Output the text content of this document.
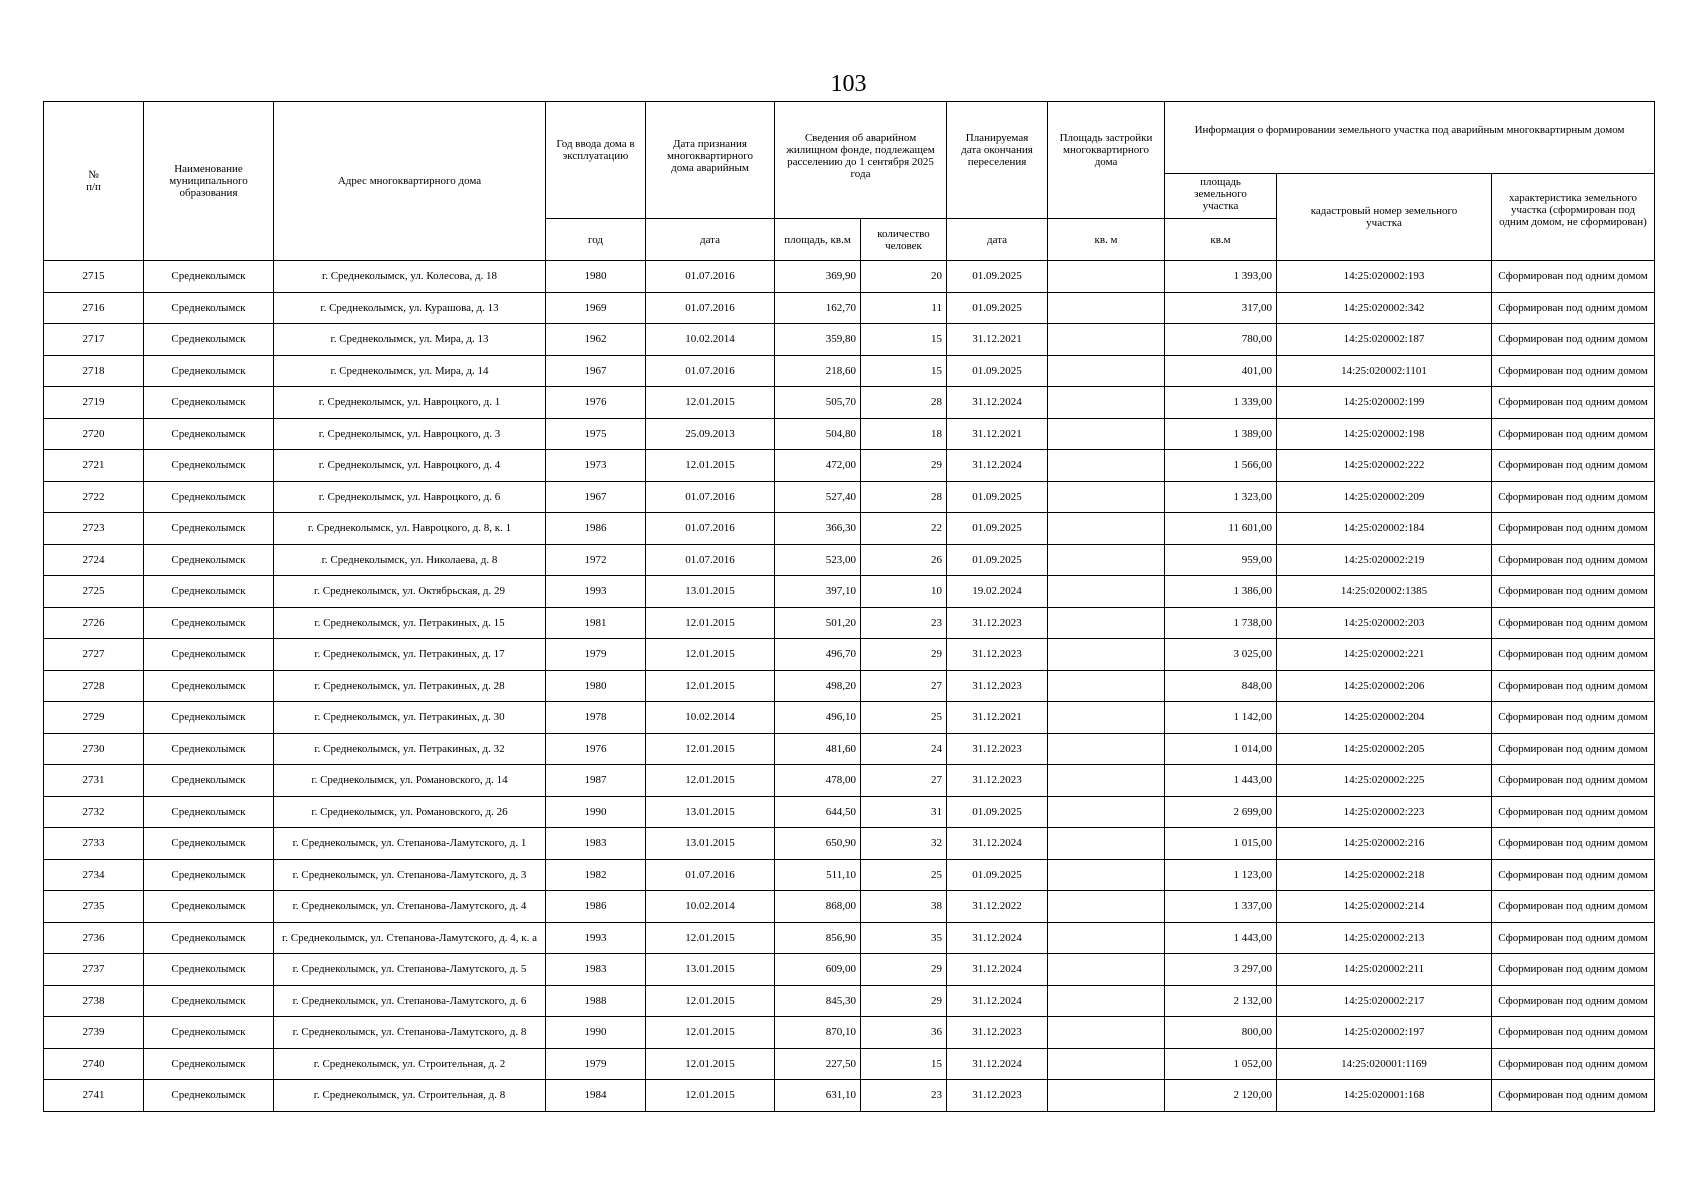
103
№
п/п	Наименование муниципального образования	Адрес многоквартирного дома	Год ввода дома в эксплуатацию	Дата признания многоквартирного дома аварийным	Сведения об аварийном жилищном фонде, подлежащем расселению до 1 сентября 2025 года		Планируемая дата окончания переселения	Площадь застройки многоквартирного дома	Информация о формировании земельного участка под аварийным многоквартирным домом		
									площадь земельного участка	кадастровый номер земельного участка	характеристика земельного участка (сформирован под одним домом, не сформирован)
			год	дата	площадь, кв.м	количество человек	дата	кв. м	кв.м		
2715	Среднеколымск	г. Среднеколымск, ул. Колесова, д. 18	1980	01.07.2016	369,90	20	01.09.2025		1 393,00	14:25:020002:193	Сформирован под одним домом
2716	Среднеколымск	г. Среднеколымск, ул. Курашова, д. 13	1969	01.07.2016	162,70	11	01.09.2025		317,00	14:25:020002:342	Сформирован под одним домом
2717	Среднеколымск	г. Среднеколымск, ул. Мира, д. 13	1962	10.02.2014	359,80	15	31.12.2021		780,00	14:25:020002:187	Сформирован под одним домом
2718	Среднеколымск	г. Среднеколымск, ул. Мира, д. 14	1967	01.07.2016	218,60	15	01.09.2025		401,00	14:25:020002:1101	Сформирован под одним домом
2719	Среднеколымск	г. Среднеколымск, ул. Навроцкого, д. 1	1976	12.01.2015	505,70	28	31.12.2024		1 339,00	14:25:020002:199	Сформирован под одним домом
2720	Среднеколымск	г. Среднеколымск, ул. Навроцкого, д. 3	1975	25.09.2013	504,80	18	31.12.2021		1 389,00	14:25:020002:198	Сформирован под одним домом
2721	Среднеколымск	г. Среднеколымск, ул. Навроцкого, д. 4	1973	12.01.2015	472,00	29	31.12.2024		1 566,00	14:25:020002:222	Сформирован под одним домом
2722	Среднеколымск	г. Среднеколымск, ул. Навроцкого, д. 6	1967	01.07.2016	527,40	28	01.09.2025		1 323,00	14:25:020002:209	Сформирован под одним домом
2723	Среднеколымск	г. Среднеколымск, ул. Навроцкого, д. 8, к. 1	1986	01.07.2016	366,30	22	01.09.2025		11 601,00	14:25:020002:184	Сформирован под одним домом
2724	Среднеколымск	г. Среднеколымск, ул. Николаева, д. 8	1972	01.07.2016	523,00	26	01.09.2025		959,00	14:25:020002:219	Сформирован под одним домом
2725	Среднеколымск	г. Среднеколымск, ул. Октябрьская, д. 29	1993	13.01.2015	397,10	10	19.02.2024		1 386,00	14:25:020002:1385	Сформирован под одним домом
2726	Среднеколымск	г. Среднеколымск, ул. Петракиных, д. 15	1981	12.01.2015	501,20	23	31.12.2023		1 738,00	14:25:020002:203	Сформирован под одним домом
2727	Среднеколымск	г. Среднеколымск, ул. Петракиных, д. 17	1979	12.01.2015	496,70	29	31.12.2023		3 025,00	14:25:020002:221	Сформирован под одним домом
2728	Среднеколымск	г. Среднеколымск, ул. Петракиных, д. 28	1980	12.01.2015	498,20	27	31.12.2023		848,00	14:25:020002:206	Сформирован под одним домом
2729	Среднеколымск	г. Среднеколымск, ул. Петракиных, д. 30	1978	10.02.2014	496,10	25	31.12.2021		1 142,00	14:25:020002:204	Сформирован под одним домом
2730	Среднеколымск	г. Среднеколымск, ул. Петракиных, д. 32	1976	12.01.2015	481,60	24	31.12.2023		1 014,00	14:25:020002:205	Сформирован под одним домом
2731	Среднеколымск	г. Среднеколымск, ул. Романовского, д. 14	1987	12.01.2015	478,00	27	31.12.2023		1 443,00	14:25:020002:225	Сформирован под одним домом
2732	Среднеколымск	г. Среднеколымск, ул. Романовского, д. 26	1990	13.01.2015	644,50	31	01.09.2025		2 699,00	14:25:020002:223	Сформирован под одним домом
2733	Среднеколымск	г. Среднеколымск, ул. Степанова-Ламутского, д. 1	1983	13.01.2015	650,90	32	31.12.2024		1 015,00	14:25:020002:216	Сформирован под одним домом
2734	Среднеколымск	г. Среднеколымск, ул. Степанова-Ламутского, д. 3	1982	01.07.2016	511,10	25	01.09.2025		1 123,00	14:25:020002:218	Сформирован под одним домом
2735	Среднеколымск	г. Среднеколымск, ул. Степанова-Ламутского, д. 4	1986	10.02.2014	868,00	38	31.12.2022		1 337,00	14:25:020002:214	Сформирован под одним домом
2736	Среднеколымск	г. Среднеколымск, ул. Степанова-Ламутского, д. 4, к. а	1993	12.01.2015	856,90	35	31.12.2024		1 443,00	14:25:020002:213	Сформирован под одним домом
2737	Среднеколымск	г. Среднеколымск, ул. Степанова-Ламутского, д. 5	1983	13.01.2015	609,00	29	31.12.2024		3 297,00	14:25:020002:211	Сформирован под одним домом
2738	Среднеколымск	г. Среднеколымск, ул. Степанова-Ламутского, д. 6	1988	12.01.2015	845,30	29	31.12.2024		2 132,00	14:25:020002:217	Сформирован под одним домом
2739	Среднеколымск	г. Среднеколымск, ул. Степанова-Ламутского, д. 8	1990	12.01.2015	870,10	36	31.12.2023		800,00	14:25:020002:197	Сформирован под одним домом
2740	Среднеколымск	г. Среднеколымск, ул. Строительная, д. 2	1979	12.01.2015	227,50	15	31.12.2024		1 052,00	14:25:020001:1169	Сформирован под одним домом
2741	Среднеколымск	г. Среднеколымск, ул. Строительная, д. 8	1984	12.01.2015	631,10	23	31.12.2023		2 120,00	14:25:020001:168	Сформирован под одним домом
